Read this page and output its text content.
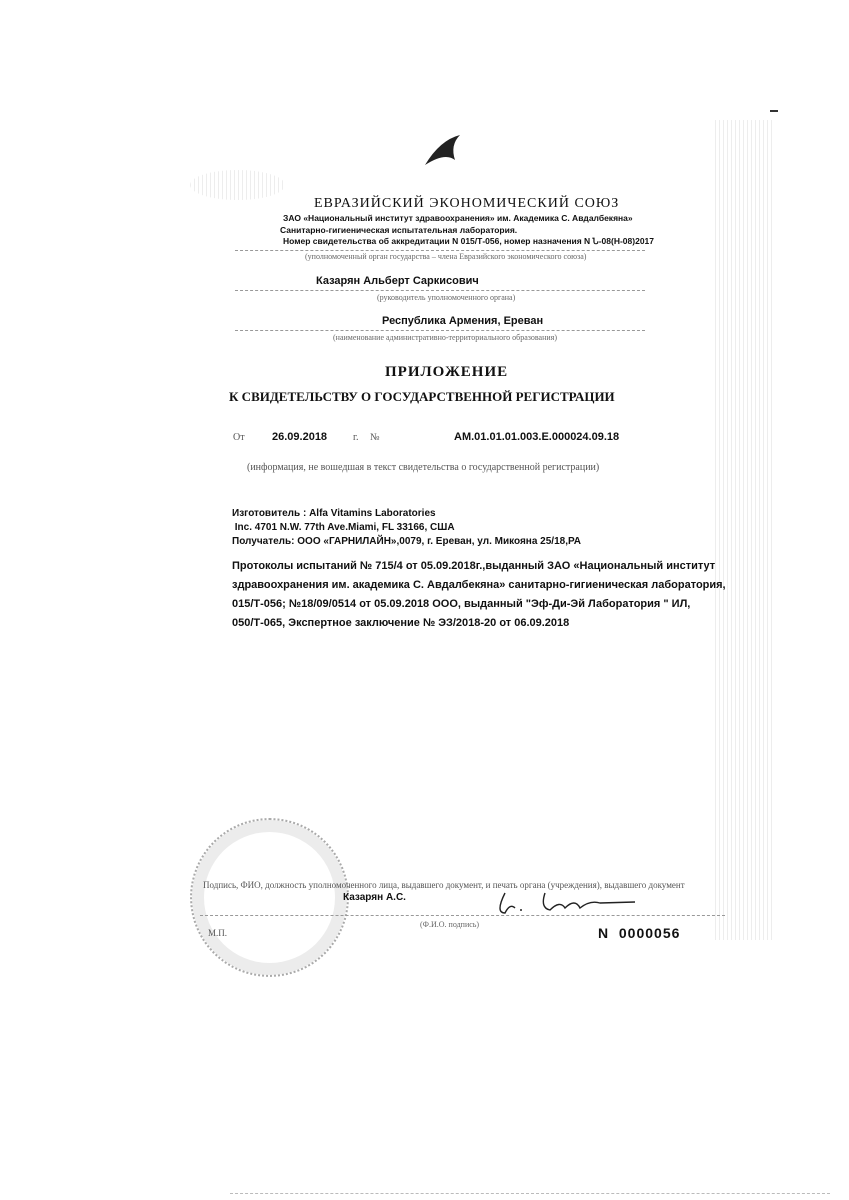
ЕВРАЗИЙСКИЙ ЭКОНОМИЧЕСКИЙ СОЮЗ
ЗАО «Национальный институт здравоохранения» им. Академика С. Авдалбекяна»
Санитарно-гигиеническая испытательная лаборатория.
Номер свидетельства об аккредитации N 015/Т-056, номер назначения N Ն-08(Н-08)2017
(уполномоченный орган государства – члена Евразийского экономического союза)
Казарян Альберт Саркисович
(руководитель уполномоченного органа)
Республика Армения, Ереван
(наименование административно-территориального образования)
ПРИЛОЖЕНИЕ
К СВИДЕТЕЛЬСТВУ О ГОСУДАРСТВЕННОЙ РЕГИСТРАЦИИ
От 26.09.2018	г. №	AM.01.01.01.003.E.000024.09.18
(информация, не вошедшая в текст свидетельства о государственной регистрации)
Изготовитель : Alfa Vitamins Laboratories
Inc. 4701 N.W. 77th Ave.Miami, FL 33166, США
Получатель: ООО «ГАРНИЛАЙН»,0079, г. Ереван, ул. Микояна 25/18,РА
Протоколы испытаний № 715/4 от 05.09.2018г.,выданный ЗАО «Национальный институт
здравоохранения им. академика С. Авдалбекяна» санитарно-гигиеническая лаборатория,
015/Т-056; №18/09/0514 от 05.09.2018 ООО, выданный "Эф-Ди-Эй Лаборатория " ИЛ,
050/Т-065, Экспертное заключение № ЭЗ/2018-20 от 06.09.2018
Подпись, ФИО, должность уполномоченного лица, выдавшего документ, и печать органа (учреждения), выдавшего документ
Казарян А.С.
(Ф.И.О. подпись)
М.П.	N  0000056
